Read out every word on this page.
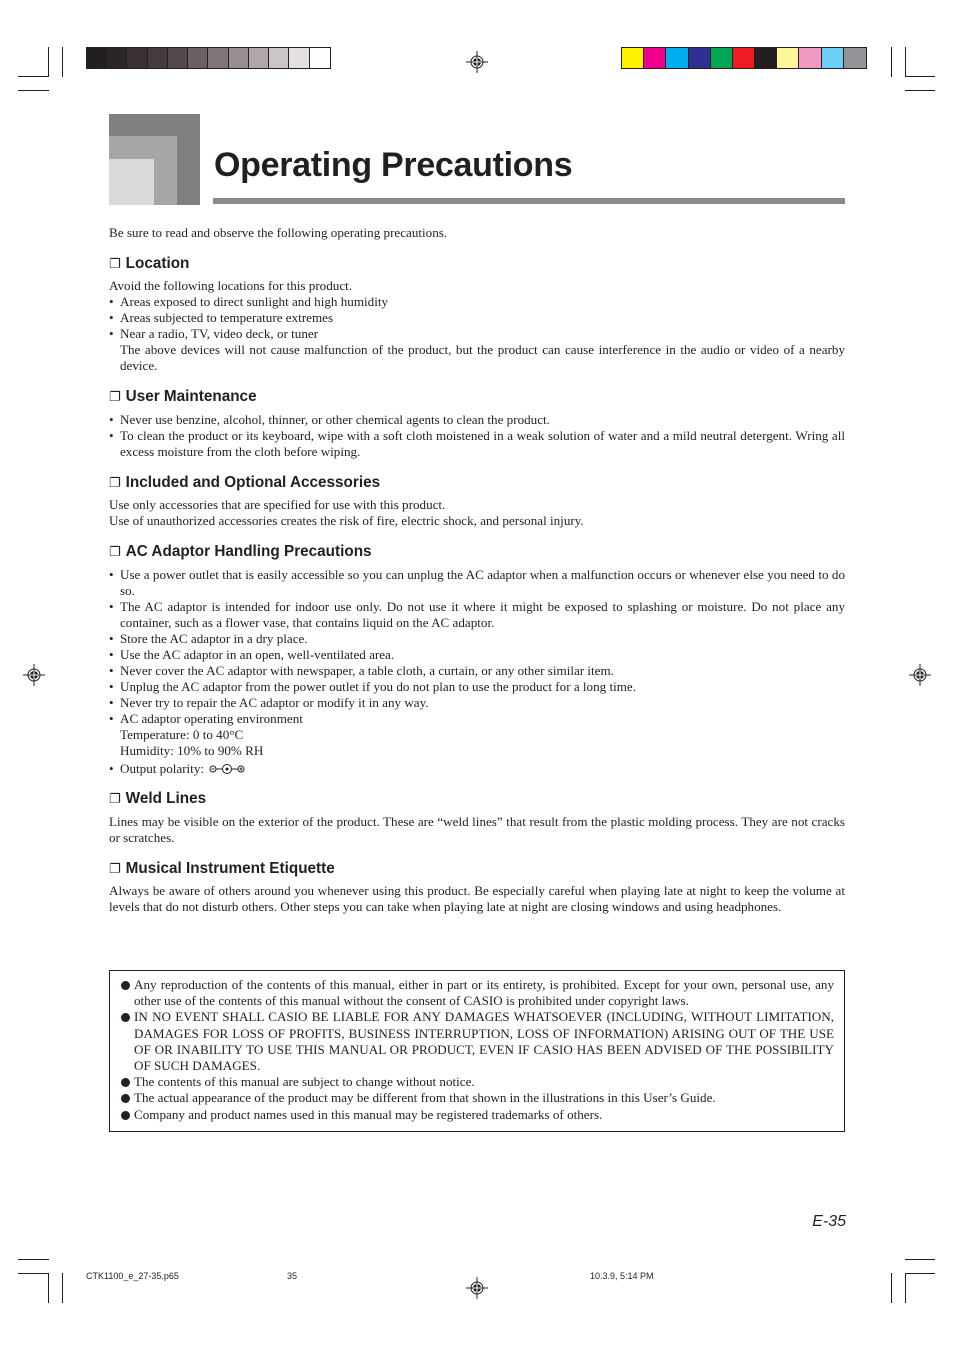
Operating Precautions
Be sure to read and observe the following operating precautions.
❐ Location

Avoid the following locations for this product.

• Areas exposed to direct sunlight and high humidity
• Areas subjected to temperature extremes
• Near a radio, TV, video deck, or tuner

The above devices will not cause malfunction of the product, but the product can cause interference in the audio or video of a nearby device.

❐ User Maintenance
• Never use benzine, alcohol, thinner, or other chemical agents to clean the product.
• To clean the product or its keyboard, wipe with a soft cloth moistened in a weak solution of water and a mild neutral detergent. Wring all excess moisture from the cloth before wiping.
❐ Included and Optional Accessories

Use only accessories that are specified for use with this product.

Use of unauthorized accessories creates the risk of fire, electric shock, and personal injury.

❐ AC Adaptor Handling Precautions
• Use a power outlet that is easily accessible so you can unplug the AC adaptor when a malfunction occurs or whenever else you need to do so.
• The AC adaptor is intended for indoor use only. Do not use it where it might be exposed to splashing or moisture. Do not place any container, such as a flower vase, that contains liquid on the AC adaptor.
• Store the AC adaptor in a dry place.
• Use the AC adaptor in an open, well-ventilated area.
• Never cover the AC adaptor with newspaper, a table cloth, a curtain, or any other similar item.
• Unplug the AC adaptor from the power outlet if you do not plan to use the product for a long time.
• Never try to repair the AC adaptor or modify it in any way.
• AC adaptor operating environment
Temperature: 0 to 40°C
Humidity: 10% to 90% RH
• Output polarity:
❐ Weld Lines
Lines may be visible on the exterior of the product. These are “weld lines” that result from the plastic molding process. They are not cracks or scratches.
❐ Musical Instrument Etiquette
Always be aware of others around you whenever using this product. Be especially careful when playing late at night to keep the volume at levels that do not disturb others. Other steps you can take when playing late at night are closing windows and using headphones.
Any reproduction of the contents of this manual, either in part or its entirety, is prohibited. Except for your own, personal use, any other use of the contents of this manual without the consent of CASIO is prohibited under copyright laws.
IN NO EVENT SHALL CASIO BE LIABLE FOR ANY DAMAGES WHATSOEVER (INCLUDING, WITHOUT LIMITATION, DAMAGES FOR LOSS OF PROFITS, BUSINESS INTERRUPTION, LOSS OF INFORMATION) ARISING OUT OF THE USE OF OR INABILITY TO USE THIS MANUAL OR PRODUCT, EVEN IF CASIO HAS BEEN ADVISED OF THE POSSIBILITY OF SUCH DAMAGES.
The contents of this manual are subject to change without notice.
The actual appearance of the product may be different from that shown in the illustrations in this User’s Guide.
Company and product names used in this manual may be registered trademarks of others.
E-35
CTK1100_e_27-35.p65	35	10.3.9, 5:14 PM
